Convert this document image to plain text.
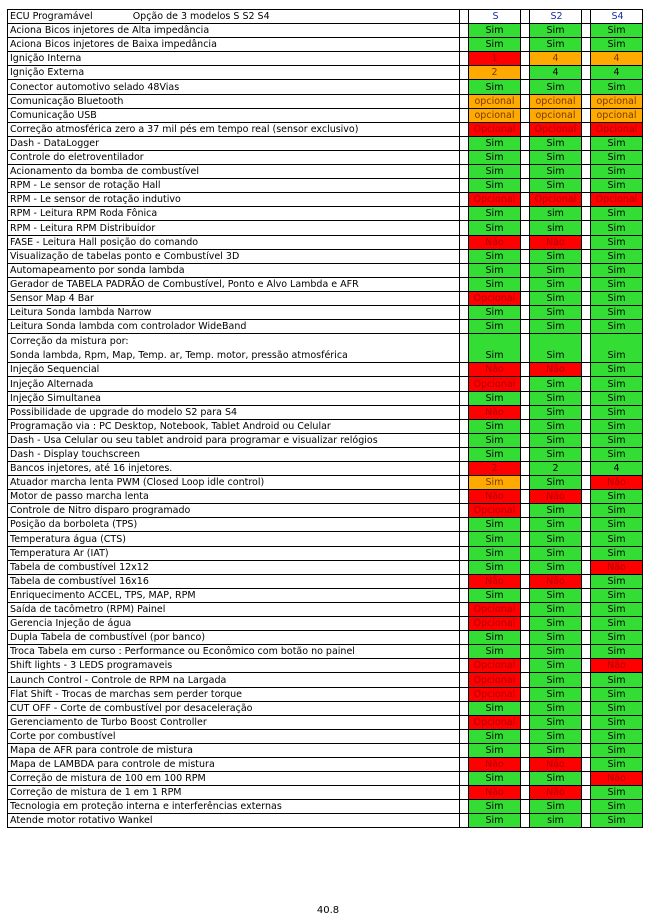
ECU Programável Opção de 3 modelos S S2 S4		S		S2		S4
Aciona Bicos injetores de Alta impedância		Sim		Sim		Sim
Aciona Bicos injetores de Baixa impedância		Sim		Sim		Sim
Ignição Interna		1		4		4
Ignição Externa		2		4		4
Conector automotivo selado 48Vias		Sim		Sim		Sim
Comunicação Bluetooth		opcional		opcional		opcional
Comunicação USB		opcional		opcional		opcional
Correção atmosférica zero a 37 mil pés em tempo real (sensor exclusivo)		Opcional		Opcional		Opcional
Dash - DataLogger		Sim		Sim		Sim
Controle do eletroventilador		Sim		Sim		Sim
Acionamento da bomba de combustível		Sim		Sim		Sim
RPM - Le sensor de rotação Hall		Sim		Sim		Sim
RPM - Le sensor de rotação indutivo		Opcional		Opcional		Opcional
RPM - Leitura RPM Roda Fônica		Sim		sim		Sim
RPM - Leitura RPM Distribuidor		Sim		sim		Sim
FASE - Leitura Hall posição do comando		Não		Não		Sim
Visualização de tabelas ponto e Combustível 3D		Sim		Sim		Sim
Automapeamento por sonda lambda		Sim		Sim		Sim
Gerador de TABELA PADRÃO de Combustível, Ponto e Alvo Lambda e AFR		Sim		Sim		Sim
Sensor Map 4 Bar		Opcional		Sim		Sim
Leitura Sonda lambda Narrow		Sim		Sim		Sim
Leitura Sonda lambda com controlador WideBand		Sim		Sim		Sim
Correção da mistura por:
Sonda lambda, Rpm, Map, Temp. ar, Temp. motor, pressão atmosférica		Sim		Sim		Sim
Injeção Sequencial		Não		Não		Sim
Injeção Alternada		Opcional		Sim		Sim
Injeção Simultanea		Sim		Sim		Sim
Possibilidade de upgrade do modelo S2 para S4		Não		Sim		Sim
Programação via : PC Desktop, Notebook, Tablet Android ou Celular		Sim		Sim		Sim
Dash - Usa Celular ou seu tablet android para programar e visualizar relógios		Sim		Sim		Sim
Dash - Display touchscreen		Sim		Sim		Sim
Bancos injetores, até 16 injetores.		2		2		4
Atuador marcha lenta PWM (Closed Loop idle control)		Sim		Sim		Não
Motor de passo marcha lenta		Não		Não		Sim
Controle de Nitro disparo programado		Opcional		Sim		Sim
Posição da borboleta (TPS)		Sim		Sim		Sim
Temperatura água (CTS)		Sim		Sim		Sim
Temperatura Ar (IAT)		Sim		Sim		Sim
Tabela de combustível 12x12		Sim		Sim		Não
Tabela de combustível 16x16		Não		Não		Sim
Enriquecimento ACCEL, TPS, MAP, RPM		Sim		Sim		Sim
Saída de tacômetro (RPM) Painel		Opcional		Sim		Sim
Gerencia Injeção de água		Opcional		Sim		Sim
Dupla Tabela de combustível (por banco)		Sim		Sim		Sim
Troca Tabela em curso : Performance ou Econômico com botão no painel		Sim		Sim		Sim
Shift lights - 3 LEDS programaveis		Opcional		Sim		Não
Launch Control - Controle de RPM na Largada		Opcional		Sim		Sim
Flat Shift - Trocas de marchas sem perder torque		Opcional		Sim		Sim
CUT OFF - Corte de combustível por desaceleração		Sim		Sim		Sim
Gerenciamento de Turbo Boost Controller		Opcional		Sim		Sim
Corte por combustível		Sim		Sim		Sim
Mapa de AFR para controle de mistura		Sim		Sim		Sim
Mapa de LAMBDA para controle de mistura		Não		Não		Sim
Correção de mistura de 100 em 100 RPM		Sim		Sim		Não
Correção de mistura de 1 em 1 RPM		Não		Não		Sim
Tecnologia em proteção interna e interferências externas		Sim		Sim		Sim
Atende motor rotativo Wankel		Sim		sim		Sim
40.8
